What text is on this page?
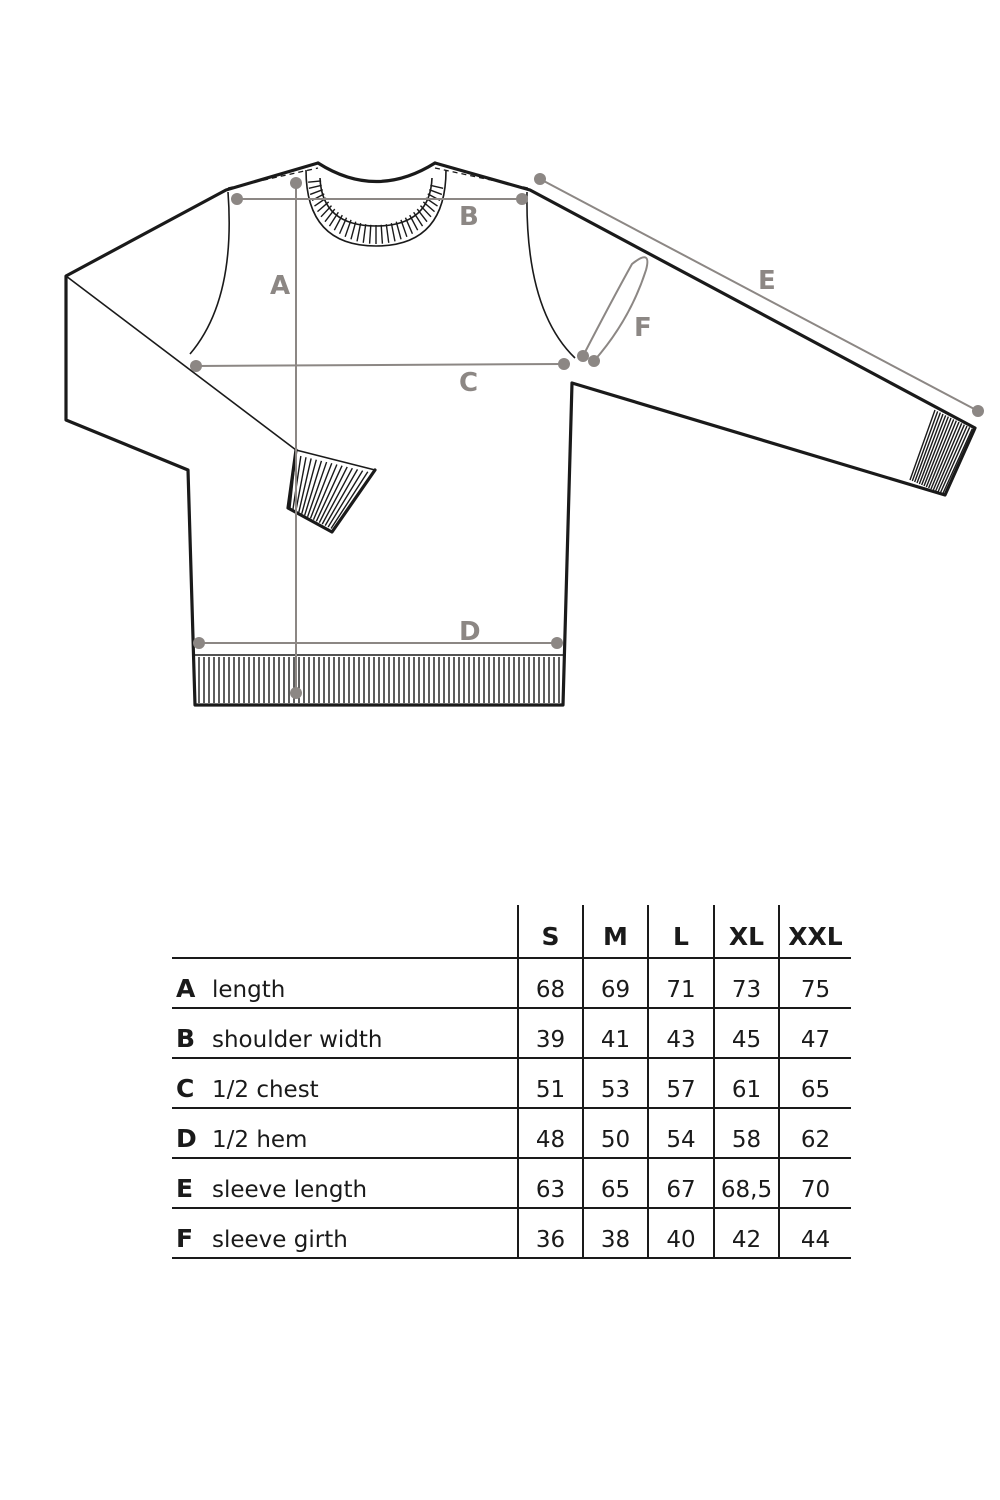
A
B
C
D
E
F
	S	M	L	XL	XXL
A length	68	69	71	73	75
B shoulder width	39	41	43	45	47
C 1/2 chest	51	53	57	61	65
D 1/2 hem	48	50	54	58	62
E sleeve length	63	65	67	68,5	70
F sleeve girth	36	38	40	42	44
